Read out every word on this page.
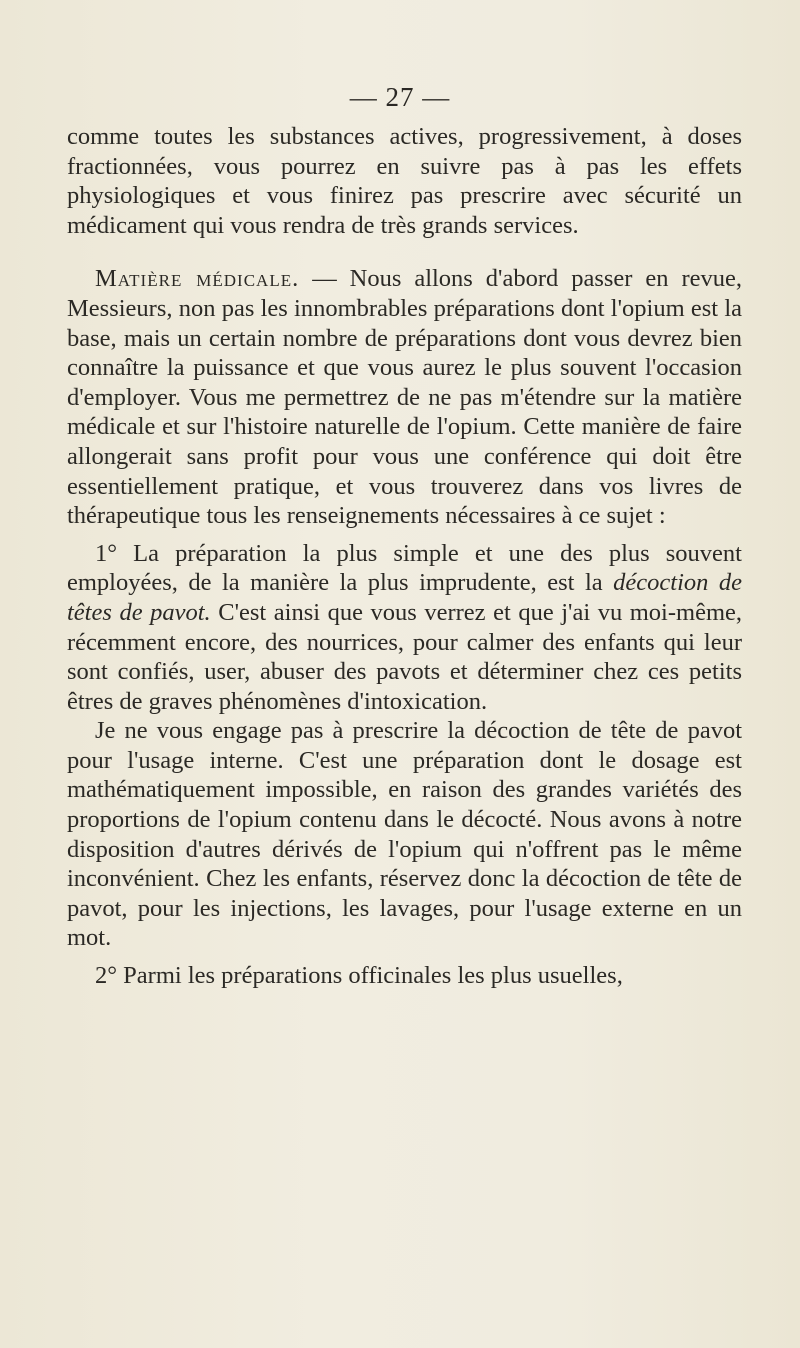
— 27 —

comme toutes les substances actives, progressivement, à doses fractionnées, vous pourrez en suivre pas à pas les effets physiologiques et vous finirez pas prescrire avec sécurité un médicament qui vous rendra de très grands services.

Matière médicale. — Nous allons d'abord passer en revue, Messieurs, non pas les innombrables préparations dont l'opium est la base, mais un certain nombre de préparations dont vous devrez bien connaître la puissance et que vous aurez le plus souvent l'occasion d'employer. Vous me permettrez de ne pas m'étendre sur la matière médicale et sur l'histoire naturelle de l'opium. Cette manière de faire allongerait sans profit pour vous une conférence qui doit être essentiellement pratique, et vous trouverez dans vos livres de thérapeutique tous les renseignements nécessaires à ce sujet :

1° La préparation la plus simple et une des plus souvent employées, de la manière la plus imprudente, est la décoction de têtes de pavot. C'est ainsi que vous verrez et que j'ai vu moi-même, récemment encore, des nourrices, pour calmer des enfants qui leur sont confiés, user, abuser des pavots et déterminer chez ces petits êtres de graves phénomènes d'intoxication.

Je ne vous engage pas à prescrire la décoction de tête de pavot pour l'usage interne. C'est une préparation dont le dosage est mathématiquement impossible, en raison des grandes variétés des proportions de l'opium contenu dans le décocté. Nous avons à notre disposition d'autres dérivés de l'opium qui n'offrent pas le même inconvénient. Chez les enfants, réservez donc la décoction de tête de pavot, pour les injections, les lavages, pour l'usage externe en un mot.

2° Parmi les préparations officinales les plus usuelles,
